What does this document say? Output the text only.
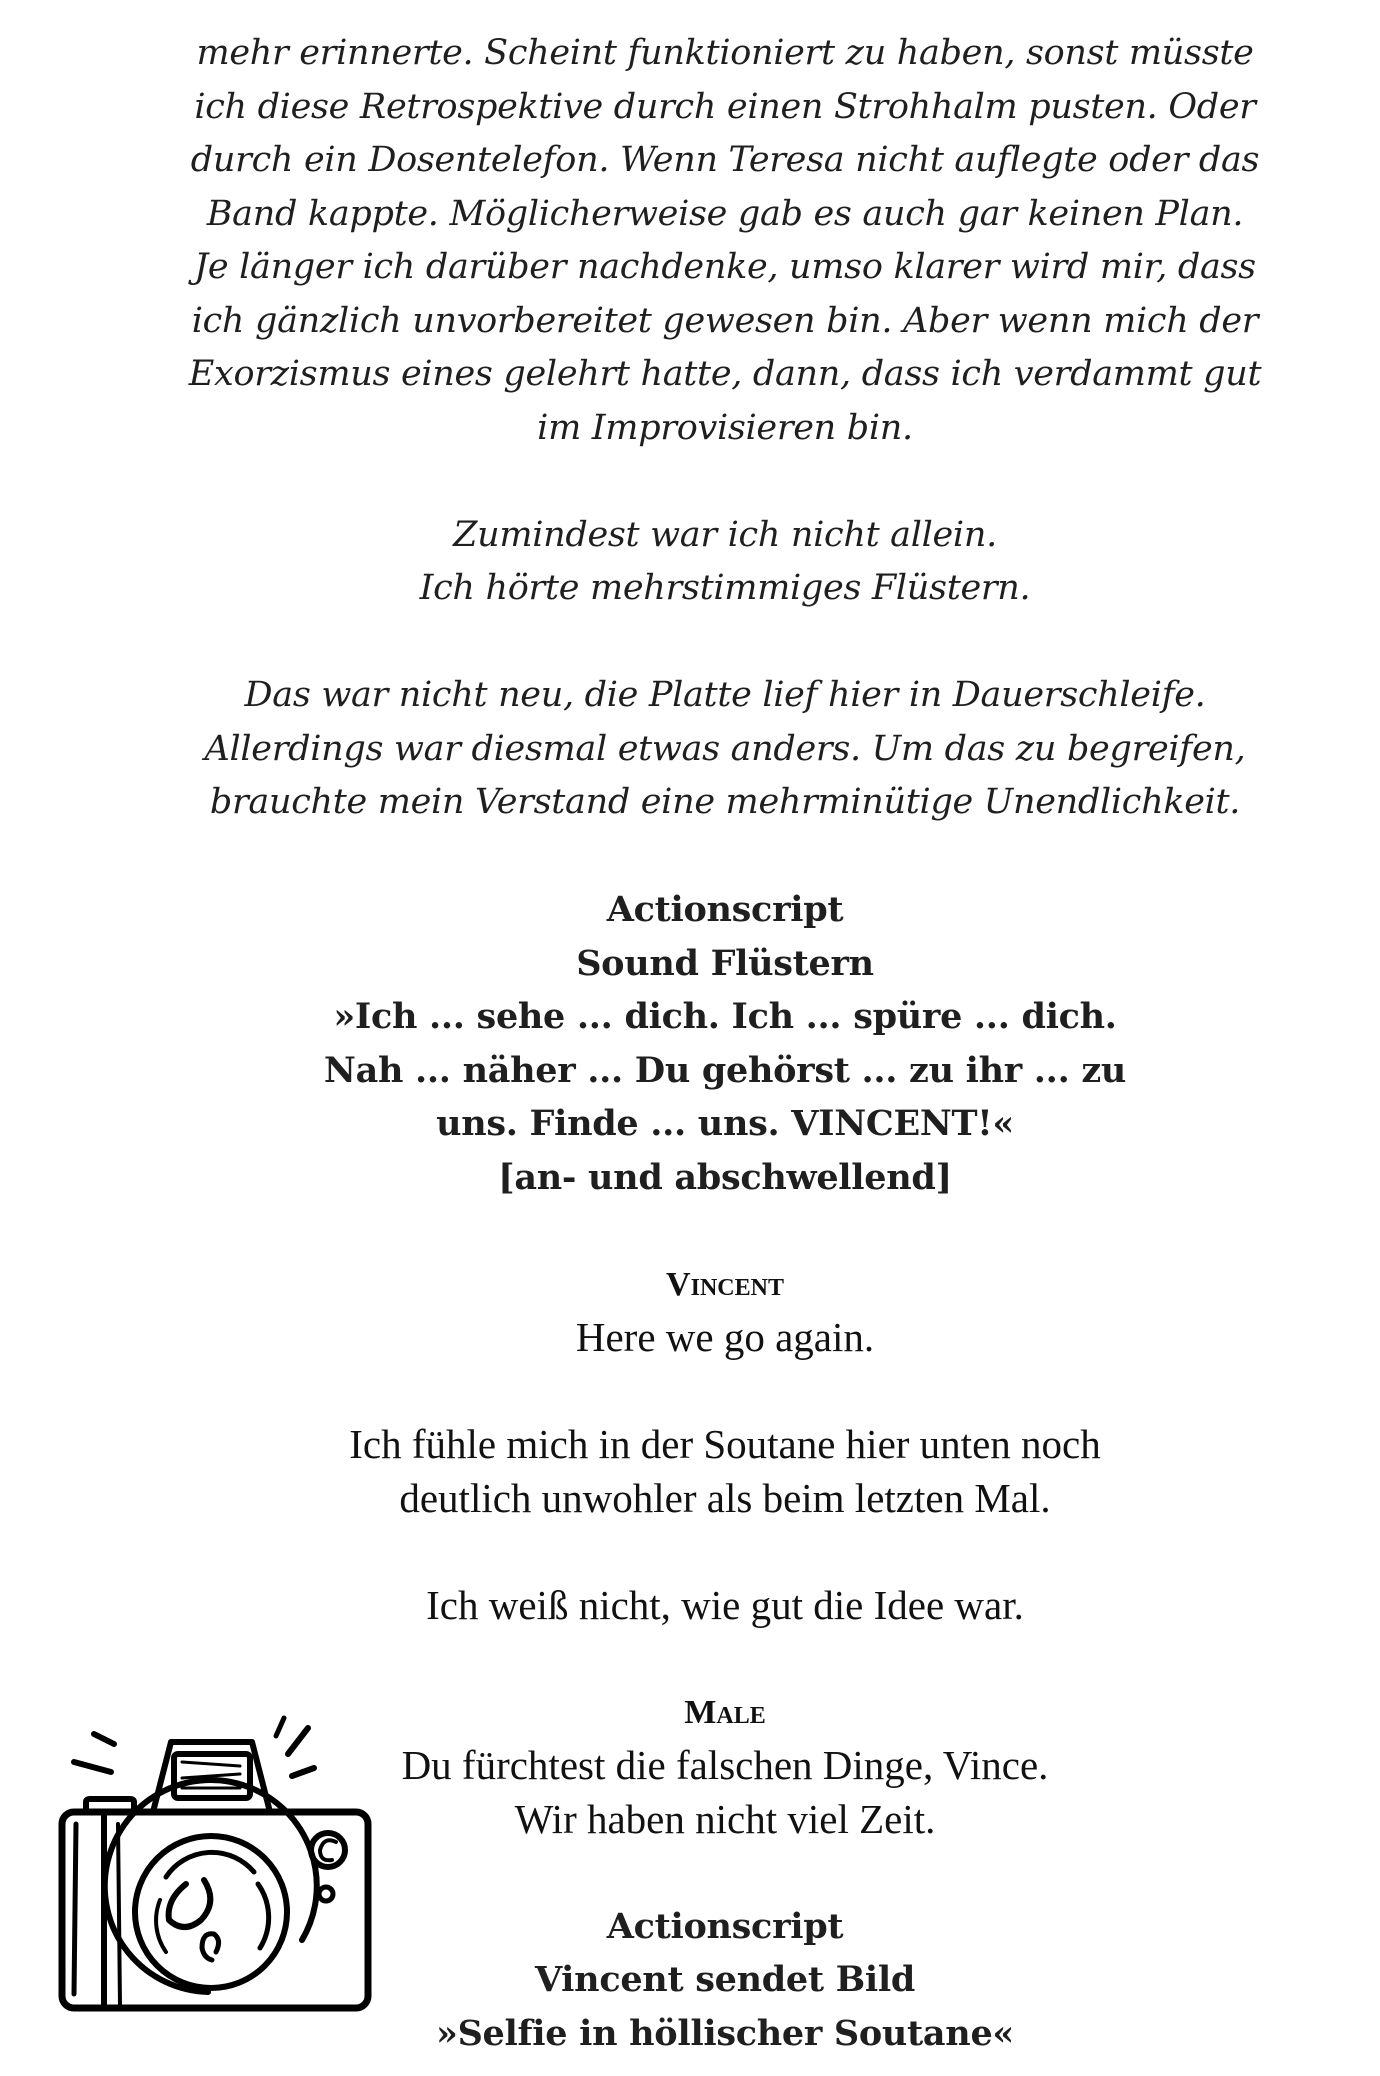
mehr erinnerte. Scheint funktioniert zu haben, sonst müsste
ich diese Retrospektive durch einen Strohhalm pusten. Oder
durch ein Dosentelefon. Wenn Teresa nicht auflegte oder das
Band kappte. Möglicherweise gab es auch gar keinen Plan.
Je länger ich darüber nachdenke, umso klarer wird mir, dass
ich gänzlich unvorbereitet gewesen bin. Aber wenn mich der
Exorzismus eines gelehrt hatte, dann, dass ich verdammt gut
im Improvisieren bin.
Zumindest war ich nicht allein.
Ich hörte mehrstimmiges Flüstern.
Das war nicht neu, die Platte lief hier in Dauerschleife.
Allerdings war diesmal etwas anders. Um das zu begreifen,
brauchte mein Verstand eine mehrminütige Unendlichkeit.
Actionscript
Sound Flüstern
»Ich ... sehe ... dich. Ich ... spüre ... dich.
Nah ... näher ... Du gehörst ... zu ihr ... zu
uns. Finde ... uns. VINCENT!«
[an- und abschwellend]
Vincent
Here we go again.
Ich fühle mich in der Soutane hier unten noch
deutlich unwohler als beim letzten Mal.
Ich weiß nicht, wie gut die Idee war.
Male
Du fürchtest die falschen Dinge, Vince.
Wir haben nicht viel Zeit.
Actionscript
Vincent sendet Bild
»Selfie in höllischer Soutane«
